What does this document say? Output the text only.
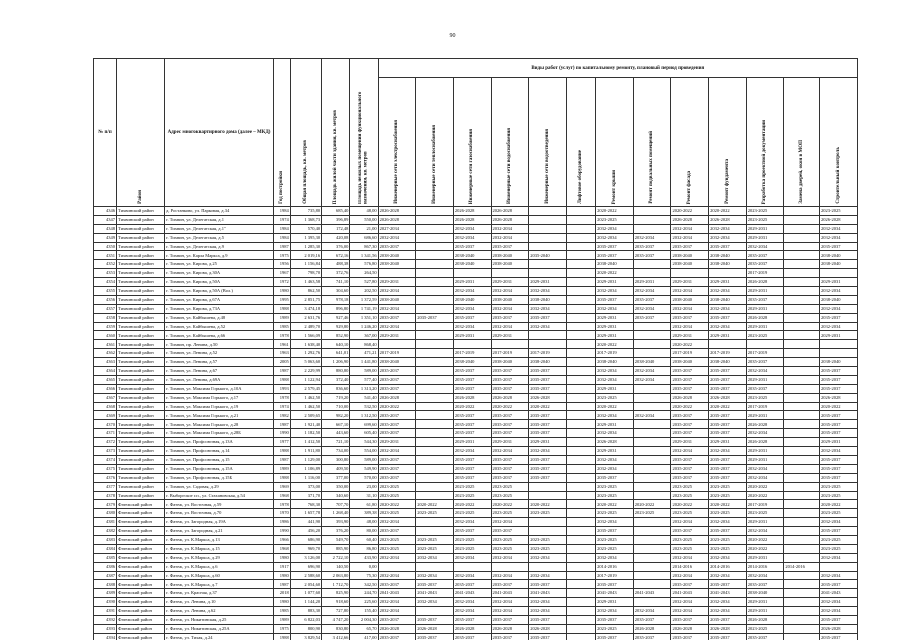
90
№ п/п	Район	Адрес многоквартирного дома (далее – МКД)	Год постройки	Общая площадь, кв. метров	Площадь жилой части здания, кв. метров	Площадь нежилых помещений функционального назначения, кв. метров	Виды работ (услуг) по капитальному ремонту, плановый период проведения												

							Инженерные сети электроснабжения	Инженерные сети теплоснабжения	Инженерные сети газоснабжения	Инженерные сети водоснабжения	Инженерные сети водоотведения	Лифтовое оборудование	Ремонт крыши	Ремонт подвальных помещений	Ремонт фасада	Ремонт фундамента	Разработка проектной документации	Замена дверей, окон в МОП	Строительный контроль

4346	Тихвинский район	д. Ростанково, ул. Парковая, д.34	1984	735,80	685,40	48,00	2026-2028		2026-2028	2026-2028			2020-2022		2020-2022	2020-2022	2023-2025		2023-2025
4347	Тихвинский район	г. Тихвин, ул. Делегатская, д.1	1974	1 368,73	396,89	550,00	2026-2028		2026-2028	2026-2028			2023-2025		2026-2028	2026-2028	2023-2025		2026-2028
4348	Тихвинский район	г. Тихвин, ул. Делегатская, д.1"	1984	570,40	172,48	21,00	2027-2034		2032-2034	2032-2034			2032-2034		2032-2034	2032-2034	2029-2031		2032-2034
4349	Тихвинский район	г. Тихвин, ул. Делегатская, д.5	1984	1 395,30	420,08	686,60	2032-2034		2032-2034	2032-2034			2032-2034	2032-2034	2032-2034	2032-2034	2029-2031		2032-2034
4350	Тихвинский район	г. Тихвин, ул. Делегатская, д.9	1987	1 285,30	376,00	867,30	2035-2037		2035-2037	2035-2037			2035-2037	2035-2037	2035-2037	2035-2037	2032-2034		2035-2037
4351	Тихвинский район	г. Тихвин, ул. Карла Маркса, д.9	1975	2 019,16	672,16	1 341,56	2038-2040		2038-2040	2038-2040	2035-2040		2035-2037	2035-2037	2038-2040	2038-2040	2035-2037		2038-2040
4352	Тихвинский район	г. Тихвин, ул. Кирова, д.25	1956	1 156,84	488,38	576,80	2038-2040		2038-2040	2038-2040			2038-2040		2038-2040	2038-2040	2035-2037		2038-2040
4353	Тихвинский район	г. Тихвин, ул. Кирова, д.30А	1967	798,70	372,76	264,50							2020-2022				2017-2019		
4354	Тихвинский район	г. Тихвин, ул. Кирова, д.50А	1972	1 463,58	741,10	527,80	2029-2031		2029-2031	2029-2031	2029-2031		2029-2031	2029-2031	2029-2031	2029-2031	2026-2028		2029-2031
4355	Тихвинский район	г. Тихвин, ул. Кирова, д.50А (Вол.)	1980	862,50	304,60	202,50	2032-2034		2032-2034	2032-2034	2032-2034		2032-2034	2032-2034	2032-2034	2032-2034	2029-2031		2032-2034
4356	Тихвинский район	г. Тихвин, ул. Кирова, д.67А	1995	2 851,75	978,18	1 372,59	2038-2040		2038-2040	2038-2040	2038-2040		2035-2037	2035-2037	2038-2040	2038-2040	2035-2037		2038-2040
4357	Тихвинский район	г. Тихвин, ул. Кирова, д.73А	1988	3 474,18	896,80	1 741,19	2032-2034		2032-2034	2032-2034	2032-2034		2032-2034	2032-2034	2032-2034	2032-2034	2029-2031		2032-2034
4358	Тихвинский район	г. Тихвин, ул. Кайбышева, д.48	1989	2 631,76	927,46	1 351,10	2035-2037	2035-2037	2035-2037	2035-2037	2035-2037		2029-2031	2035-2037	2035-2037	2035-2037	2026-2028		2035-2037
4359	Тихвинский район	г. Тихвин, ул. Кайбышева, д.52	1985	2 489,70	929,80	1 246,20	2032-2034		2032-2034	2032-2034	2032-2034		2029-2031		2032-2034	2032-2034	2029-2031		2032-2034
4360	Тихвинский район	г. Тихвин, ул. Кайбышева, д.66	1978	1 566,09	852,90	367,00	2029-2031		2029-2031	2029-2031			2029-2031		2029-2031	2029-2031	2023-2025		2029-2031
4361	Тихвинский район	г. Тихвин, пр. Ленина, д.50	1961	1 638,40	640,10	868,40							2020-2022		2020-2022				
4362	Тихвинский район	г. Тихвин, ул. Ленина, д.52	1963	1 292,76	641,01	471,21	2017-2019		2017-2019	2017-2019	2017-2019		2017-2019		2017-2019	2017-2019	2017-2019		
4363	Тихвинский район	г. Тихвин, ул. Ленина, д.57	2005	5 063,60	1 206,90	1 441,80	2038-2040		2038-2040	2038-2040	2038-2040		2038-2040	2038-2040	2038-2040	2038-2040	2035-2037		2038-2040
4364	Тихвинский район	г. Тихвин, ул. Ленина, д.67	1987	2 229,99	880,80	589,00	2035-2037		2035-2037	2035-2037	2035-2037		2032-2034	2032-2034	2035-2037	2035-2037	2032-2034		2035-2037
4365	Тихвинский район	г. Тихвин, ул. Ленина, д.69А	1988	1 122,94	372,40	577,40	2035-2037		2035-2037	2035-2037	2035-2037		2032-2034	2032-2034	2035-2037	2035-2037	2029-2031		2035-2037
4366	Тихвинский район	г. Тихвин, ул. Максима Горького, д.10А	1993	2 579,45	836,60	1 313,20	2035-2037		2035-2037	2035-2037	2035-2037		2029-2031		2035-2037	2035-2037	2035-2037		2035-2037
4367	Тихвинский район	г. Тихвин, ул. Максима Горького, д.17	1978	1 462,50	719,20	541,40	2026-2028		2026-2028	2026-2028	2026-2028		2023-2025		2026-2028	2026-2028	2023-2025		2026-2028
4368	Тихвинский район	г. Тихвин, ул. Максима Горького, д.19	1974	1 462,50	710,00	532,50	2020-2022		2020-2022	2020-2022	2020-2022		2020-2022		2020-2022	2020-2022	2017-2019		2020-2022
4369	Тихвинский район	г. Тихвин, ул. Максима Горького, д.21	1982	2 509,65	982,20	1 312,50	2035-2037		2035-2037	2035-2037	2035-2037		2032-2034	2032-2034	2035-2037	2035-2037	2029-2031		2035-2037
4370	Тихвинский район	г. Тихвин, ул. Максима Горького, д.28	1987	1 921,40	667,10	699,60	2035-2037		2035-2037	2035-2037	2035-2037		2029-2031		2035-2037	2035-2037	2026-2028		2035-2037
4371	Тихвинский район	г. Тихвин, ул. Максима Горького, д.28Б	1990	1 182,50	443,60	605,40	2035-2037		2035-2037	2035-2037	2035-2037		2032-2034		2035-2037	2035-2037	2032-2034		2035-2037
4372	Тихвинский район	г. Тихвин, ул. Профсоюзная, д.13А	1977	1 412,50	721,10	544,30	2029-2031		2029-2031	2029-2031	2029-2031		2026-2028		2029-2031	2029-2031	2026-2028		2029-2031
4373	Тихвинский район	г. Тихвин, ул. Профсоюзная, д.14	1988	1 911,80	734,00	554,00	2032-2034		2032-2034	2032-2034	2032-2034		2029-2031		2032-2034	2032-2034	2029-2031		2032-2034
4374	Тихвинский район	г. Тихвин, ул. Профсоюзная, д.15	1987	1 129,00	300,80	589,00	2035-2037		2035-2037	2035-2037	2035-2037		2032-2034		2035-2037	2035-2037	2029-2031		2035-2037
4375	Тихвинский район	г. Тихвин, ул. Профсоюзная, д.15А	1989	1 106,89	409,50	549,90	2035-2037		2035-2037	2035-2037	2035-2037		2032-2034		2035-2037	2035-2037	2032-2034		2035-2037
4376	Тихвинский район	г. Тихвин, ул. Профсоюзная, д.15Б	1988	1 116,00	377,00	570,00	2035-2037		2035-2037	2035-2037	2035-2037		2035-2037		2035-2037	2035-2037	2032-2034		2035-2037
4377	Тихвинский район	г. Тихвин, ул. Садовая, д.29	1969	373,00	350,00	23,00	2023-2025		2023-2025	2023-2025			2023-2025		2023-2025	2023-2025	2020-2022		2023-2025
4378	Тихвинский район	г. Выборгское г.п., ул. Стахановская, д.54	1968	371,70	340,60	31,10	2023-2025		2023-2025	2023-2025			2023-2025		2023-2025	2023-2025	2020-2022		2023-2025
4379	Фатежский район	г. Фатеж, ул. Восточная, д.59	1978	768,30	707,70	61,80	2020-2022	2020-2022	2020-2022	2020-2022	2020-2022		2020-2022	2020-2022	2020-2022	2020-2022	2017-2019		2020-2022
4380	Фатежский район	г. Фатеж, ул. Восточная, д.70	1970	1 657,78	1 268,40	389,38	2023-2025	2023-2025	2023-2025	2023-2025	2023-2025		2023-2025	2023-2025	2023-2025	2023-2025	2023-2025		2023-2025
4381	Фатежский район	г. Фатеж, ул. Загородная, д.19А	1986	441,90	393,90	48,00	2032-2034		2032-2034	2032-2034			2032-2034		2032-2034	2032-2034	2029-2031		2032-2034
4382	Фатежский район	г. Фатеж, ул. Загородная, д.21	1990	456,20	376,20	80,00	2035-2037		2035-2037	2035-2037			2035-2037		2035-2037	2035-2037	2032-2034		2035-2037
4383	Фатежский район	г. Фатеж, ул. К.Маркса, д.13	1966	686,90	549,70	60,40	2023-2025	2023-2025	2023-2025	2023-2025	2023-2025		2023-2025		2023-2025	2023-2025	2020-2022		2023-2025
4384	Фатежский район	г. Фатеж, ул. К.Маркса, д.15	1968	969,70	885,90	86,80	2023-2025	2023-2025	2023-2025	2023-2025	2023-2025		2023-2025		2023-2025	2023-2025	2020-2022		2023-2025
4385	Фатежский район	г. Фатеж, ул. К.Маркса, д.29	1980	3 126,00	2 722,10	433,90	2032-2034	2032-2034	2032-2034	2032-2034	2032-2034		2032-2034		2032-2034	2032-2034	2029-2031		2032-2034
4386	Фатежский район	г. Фатеж, ул. К.Маркса, д.6	1917	696,90	140,50	0,00							2014-2016		2014-2016	2014-2016	2014-2016	2014-2016	
4387	Фатежский район	г. Фатеж, ул. К.Маркса, д.60	1980	2 588,60	2 063,80	75,30	2032-2034	2032-2034	2032-2034	2032-2034	2032-2034		2017-2019		2032-2034	2032-2034	2032-2034		2032-2034
4388	Фатежский район	г. Фатеж, ул. К.Маркса, д.7	1987	2 054,60	1 712,70	342,50	2035-2037	2035-2037	2035-2037	2035-2037	2035-2037		2035-2037		2035-2037	2035-2037	2035-2037		2035-2037
4389	Фатежский район	г. Фатеж, ул. Красная, д.37	2018	1 077,60	825,90	244,70	2041-2043	2041-2043	2041-2043	2041-2043	2041-2043		2041-2043	2041-2043	2041-2043	2041-2043	2038-2040		2041-2043
4390	Фатежский район	г. Фатеж, ул. Ленина, д.10	1980	1 144,20	918,60	225,60	2032-2034	2032-2034	2032-2034	2032-2034	2032-2034		2029-2031		2032-2034	2032-2034	2029-2031		2032-2034
4391	Фатежский район	г. Фатеж, ул. Ленина, д.62	1985	883,30	727,80	155,40	2032-2034		2032-2034	2032-2034	2032-2034		2032-2034	2032-2034	2032-2034	2032-2034	2029-2031		2032-2034
4392	Фатежский район	г. Фатеж, ул. Никитинская, д.25	1989	6 822,03	4 747,20	2 004,30	2035-2037	2035-2037	2035-2037	2035-2037	2035-2037		2035-2037	2035-2037	2035-2037	2035-2037	2026-2028		2035-2037
4393	Фатежский район	г. Фатеж, ул. Никитинская, д.25А	1975	800,90	830,80	65,70	2026-2028	2026-2028	2026-2028	2026-2028	2026-2028		2023-2025	2026-2028	2026-2028	2026-2028	2023-2025		2026-2028
4394	Фатежский район	г. Фатеж, ул. Тихая, д.24	1988	3 829,54	3 412,66	417,00	2035-2037	2035-2037	2035-2037	2035-2037	2035-2037		2035-2037	2035-2037	2035-2037	2035-2037	2035-2037		2035-2037
